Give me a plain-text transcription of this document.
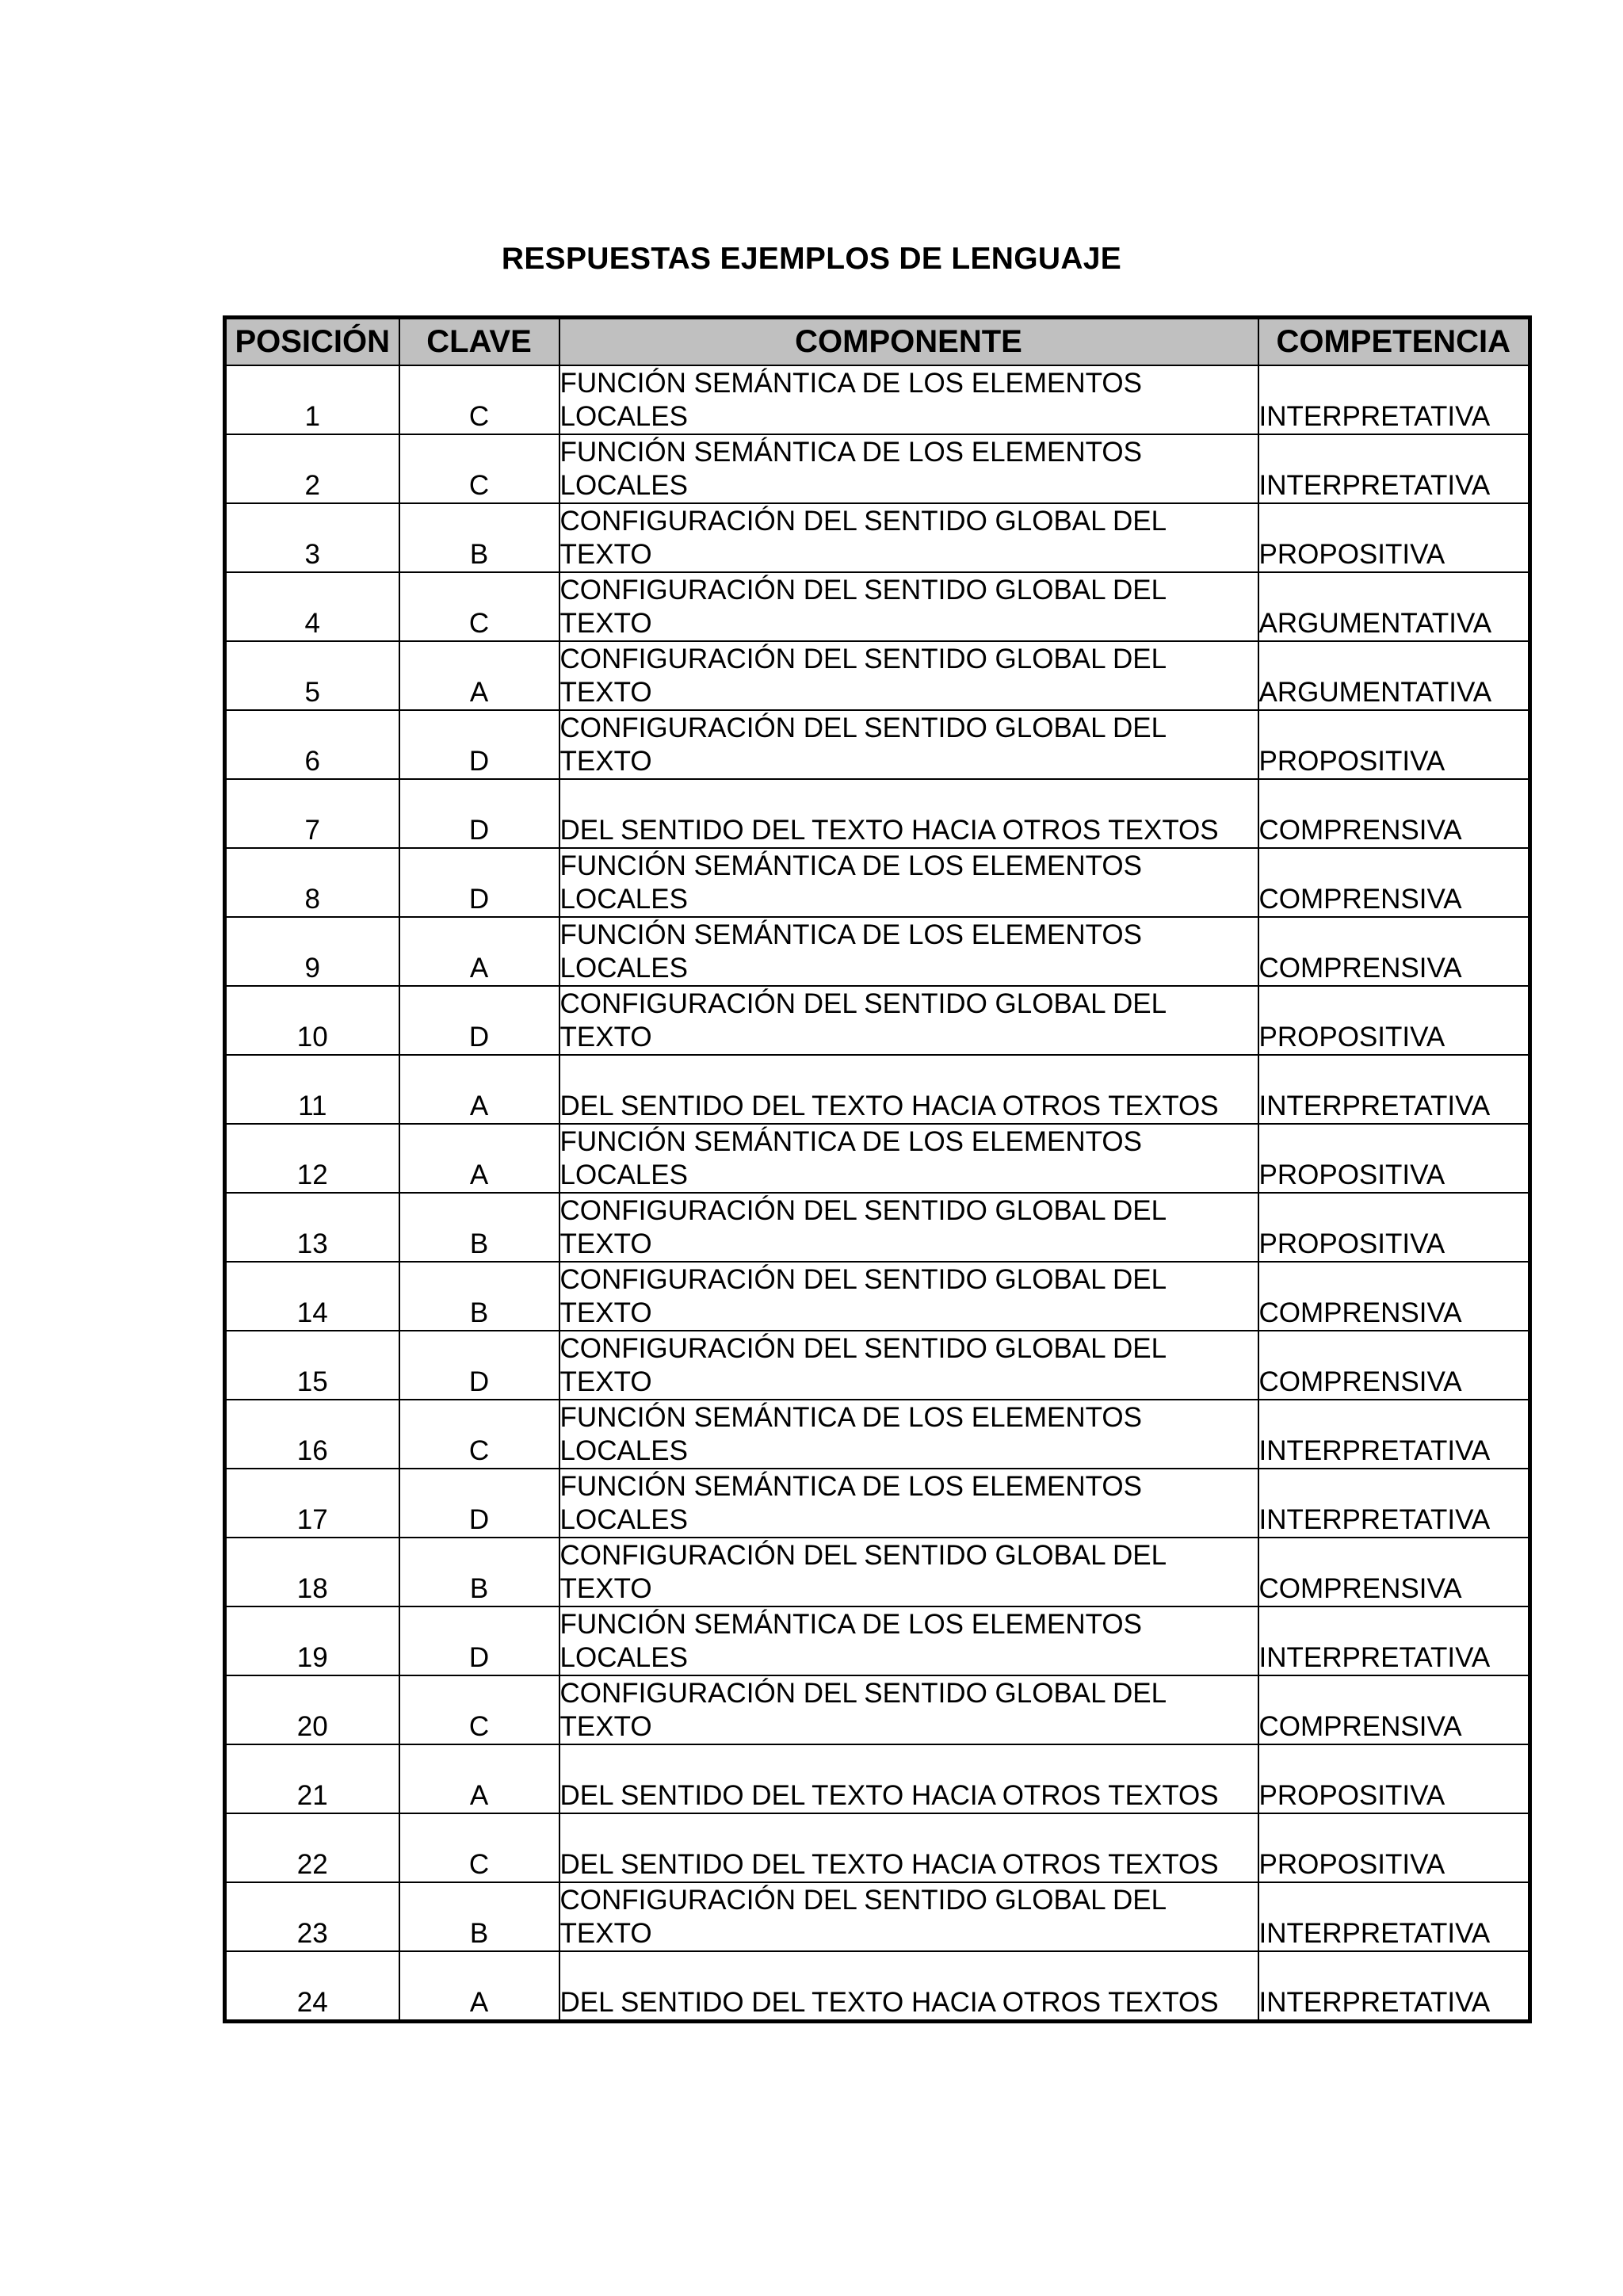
RESPUESTAS EJEMPLOS DE LENGUAJE
POSICIÓN	CLAVE	COMPONENTE	COMPETENCIA
1	C	FUNCIÓN SEMÁNTICA DE LOS ELEMENTOS LOCALES	INTERPRETATIVA
2	C	FUNCIÓN SEMÁNTICA DE LOS ELEMENTOS LOCALES	INTERPRETATIVA
3	B	CONFIGURACIÓN DEL SENTIDO GLOBAL DEL TEXTO	PROPOSITIVA
4	C	CONFIGURACIÓN DEL SENTIDO GLOBAL DEL TEXTO	ARGUMENTATIVA
5	A	CONFIGURACIÓN DEL SENTIDO GLOBAL DEL TEXTO	ARGUMENTATIVA
6	D	CONFIGURACIÓN DEL SENTIDO GLOBAL DEL TEXTO	PROPOSITIVA
7	D	DEL SENTIDO DEL TEXTO HACIA OTROS TEXTOS	COMPRENSIVA
8	D	FUNCIÓN SEMÁNTICA DE LOS ELEMENTOS LOCALES	COMPRENSIVA
9	A	FUNCIÓN SEMÁNTICA DE LOS ELEMENTOS LOCALES	COMPRENSIVA
10	D	CONFIGURACIÓN DEL SENTIDO GLOBAL DEL TEXTO	PROPOSITIVA
11	A	DEL SENTIDO DEL TEXTO HACIA OTROS TEXTOS	INTERPRETATIVA
12	A	FUNCIÓN SEMÁNTICA DE LOS ELEMENTOS LOCALES	PROPOSITIVA
13	B	CONFIGURACIÓN DEL SENTIDO GLOBAL DEL TEXTO	PROPOSITIVA
14	B	CONFIGURACIÓN DEL SENTIDO GLOBAL DEL TEXTO	COMPRENSIVA
15	D	CONFIGURACIÓN DEL SENTIDO GLOBAL DEL TEXTO	COMPRENSIVA
16	C	FUNCIÓN SEMÁNTICA DE LOS ELEMENTOS LOCALES	INTERPRETATIVA
17	D	FUNCIÓN SEMÁNTICA DE LOS ELEMENTOS LOCALES	INTERPRETATIVA
18	B	CONFIGURACIÓN DEL SENTIDO GLOBAL DEL TEXTO	COMPRENSIVA
19	D	FUNCIÓN SEMÁNTICA DE LOS ELEMENTOS LOCALES	INTERPRETATIVA
20	C	CONFIGURACIÓN DEL SENTIDO GLOBAL DEL TEXTO	COMPRENSIVA
21	A	DEL SENTIDO DEL TEXTO HACIA OTROS TEXTOS	PROPOSITIVA
22	C	DEL SENTIDO DEL TEXTO HACIA OTROS TEXTOS	PROPOSITIVA
23	B	CONFIGURACIÓN DEL SENTIDO GLOBAL DEL TEXTO	INTERPRETATIVA
24	A	DEL SENTIDO DEL TEXTO HACIA OTROS TEXTOS	INTERPRETATIVA
